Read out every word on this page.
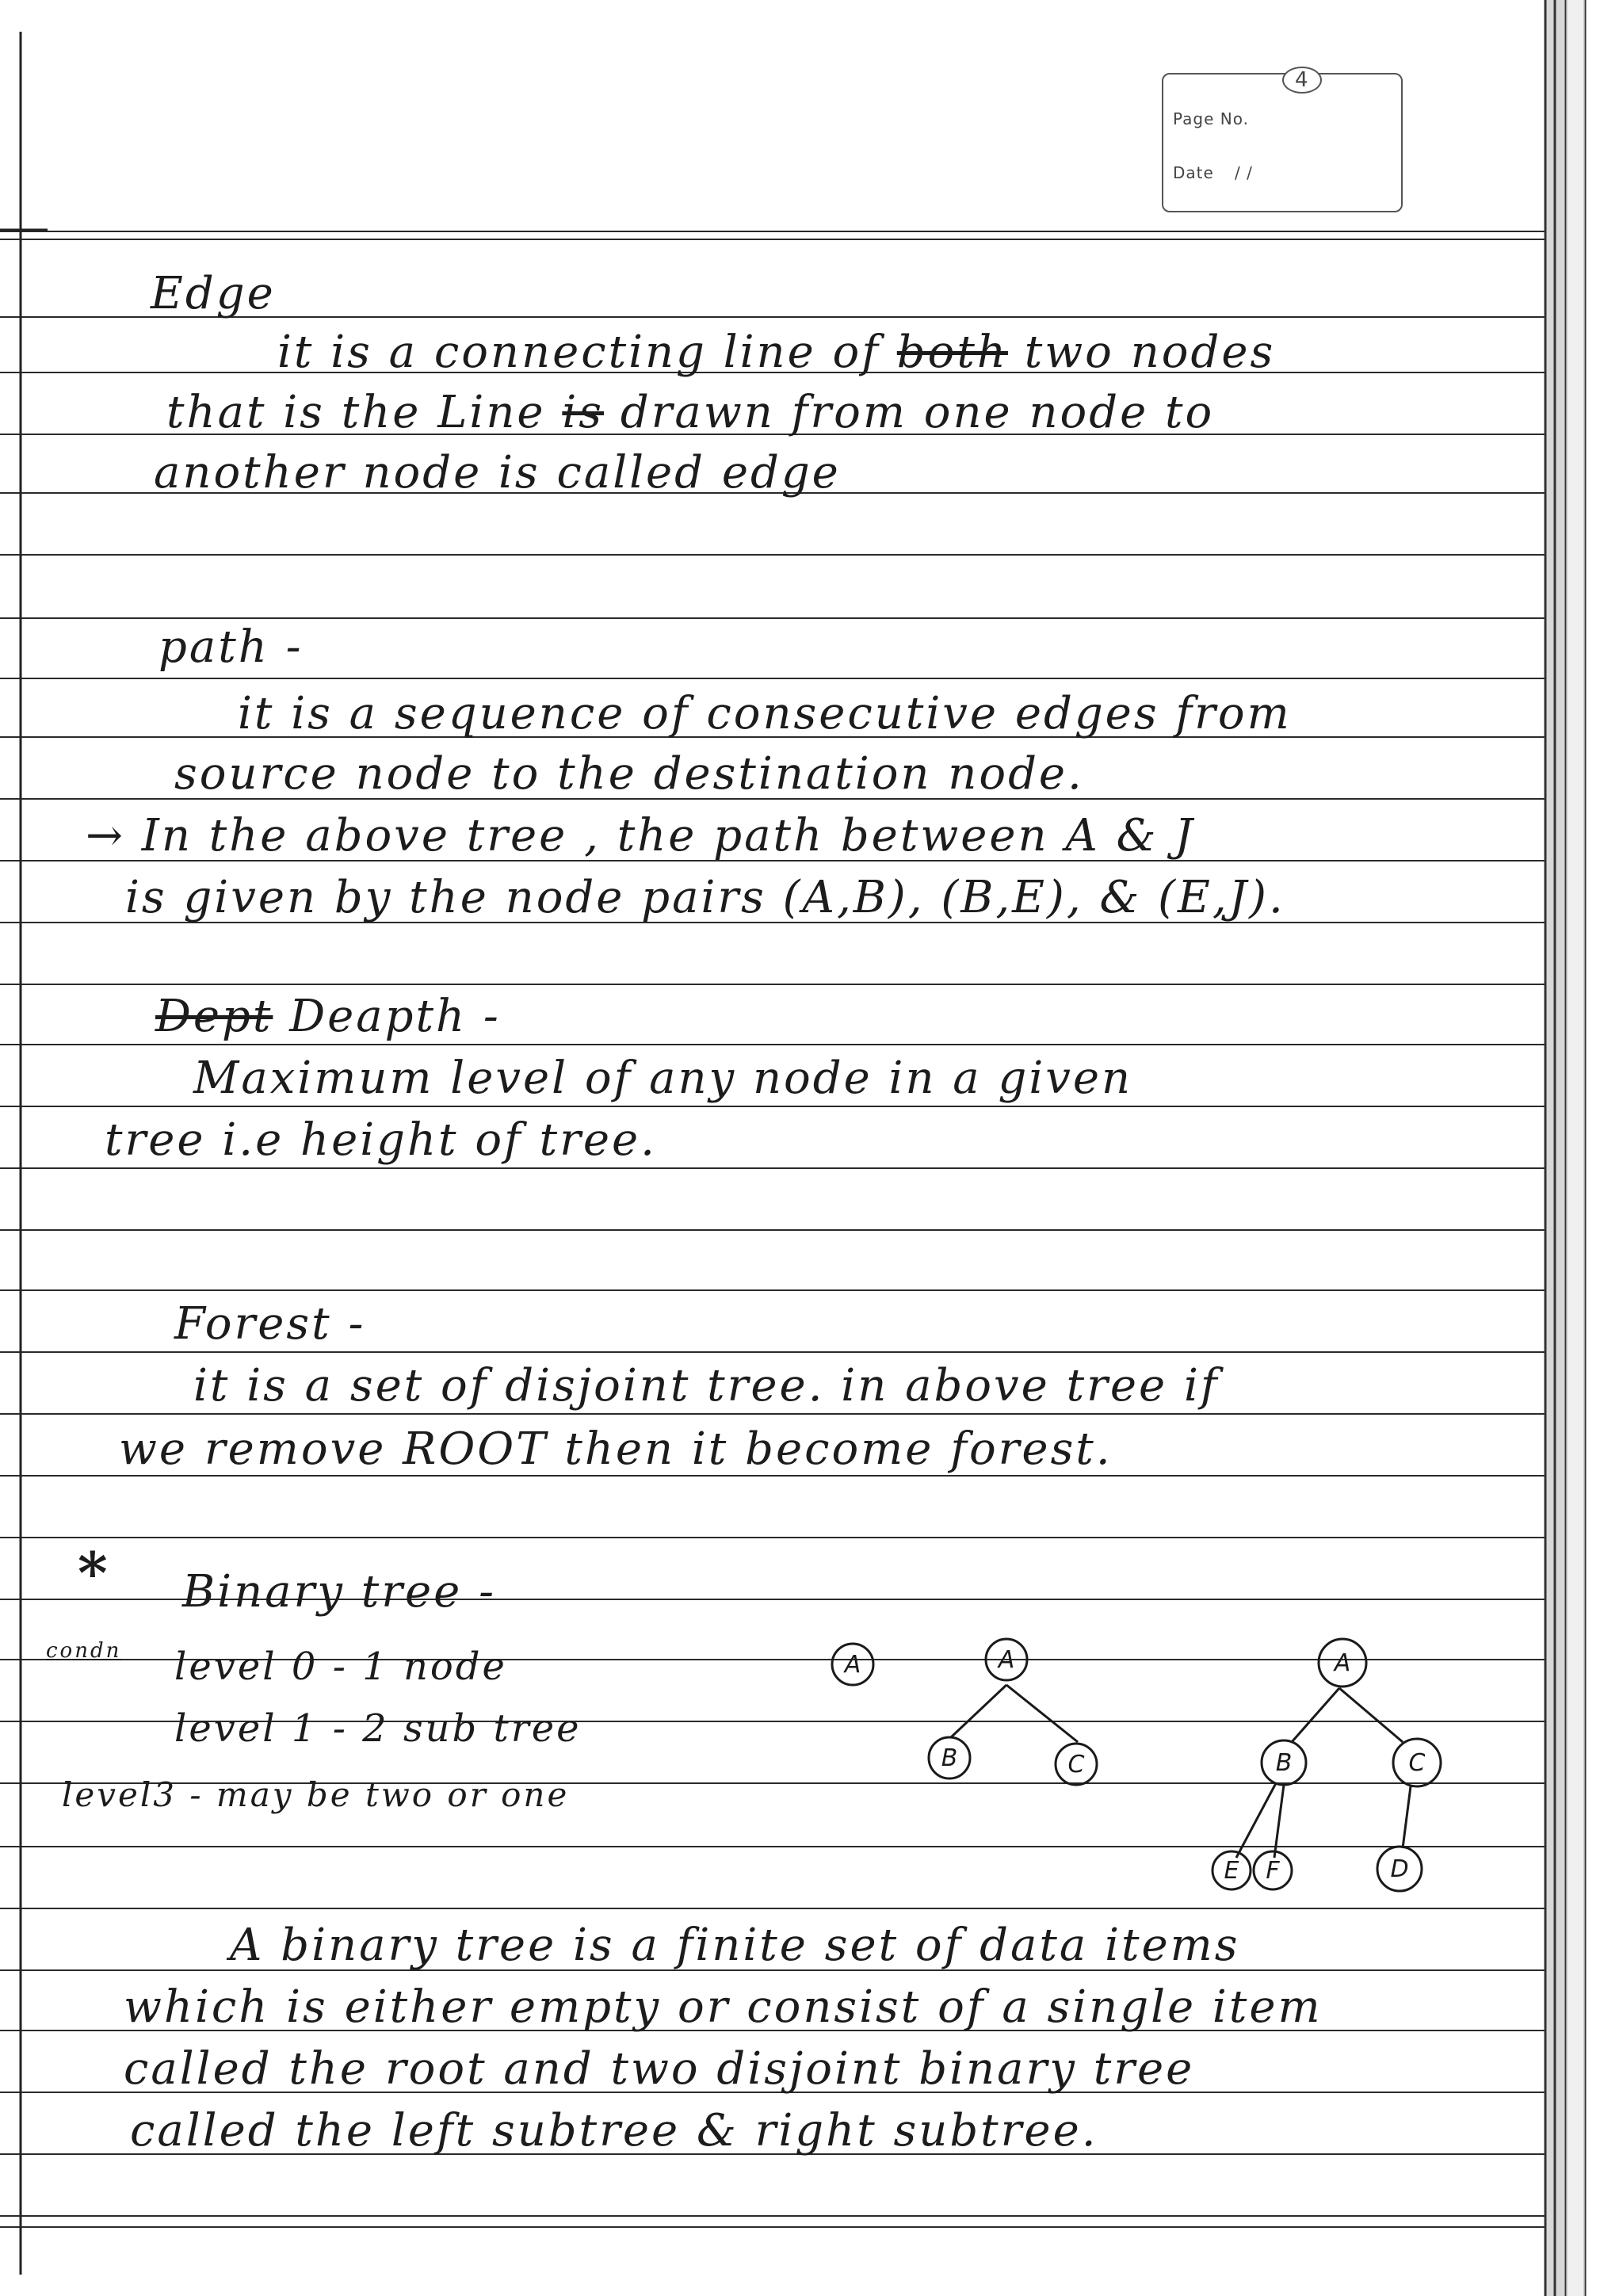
Page No.
Date / /
4
Edge
it is a connecting line of both two nodes
that is the Line is drawn from one node to
another node is called edge
path -
it is a sequence of consecutive edges from
source node to the destination node.
→ In the above tree , the path between A & J
is given by the node pairs (A,B), (B,E), & (E,J).
Dept Deapth -
Maximum level of any node in a given
tree i.e height of tree.
Forest -
it is a set of disjoint tree. in above tree if
we remove ROOT then it become forest.
* Binary tree -
condn level 0 - 1 node
level 1 - 2 sub tree
level3 - may be two or one
A	A
B	C
A
B	C
E F	D
A binary tree is a finite set of data items
which is either empty or consist of a single item
called the root and two disjoint binary tree
called the left subtree & right subtree.
